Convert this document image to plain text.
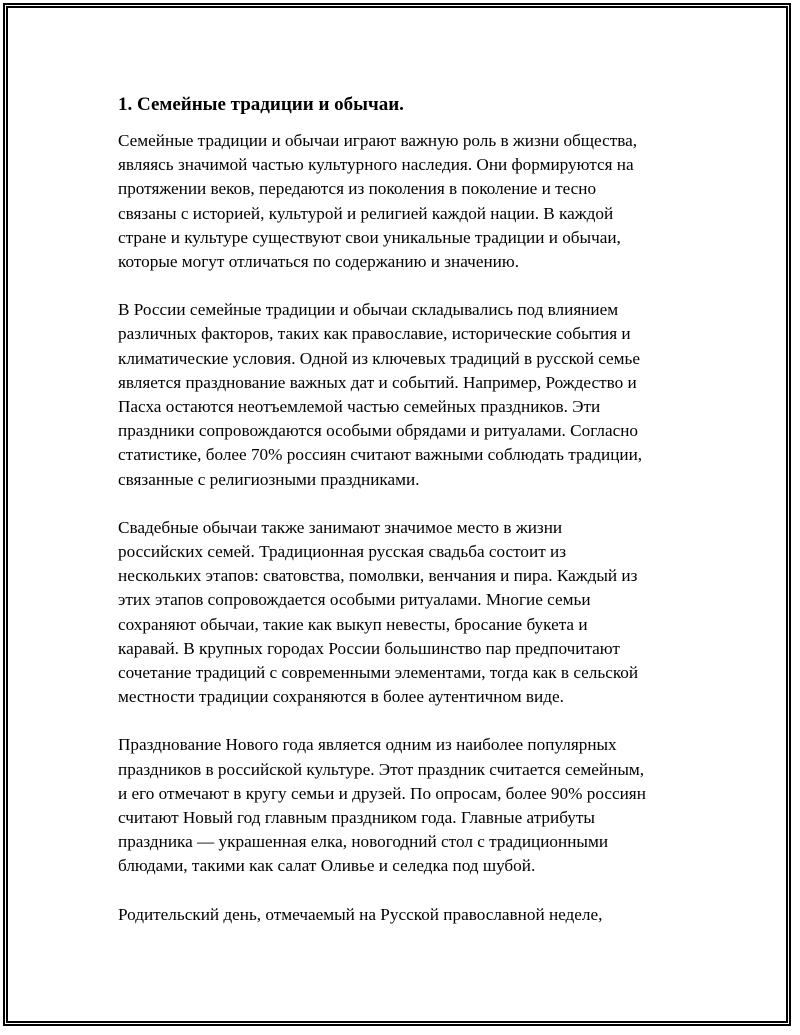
1. Семейные традиции и обычаи.
Семейные традиции и обычаи играют важную роль в жизни общества,
являясь значимой частью культурного наследия. Они формируются на
протяжении веков, передаются из поколения в поколение и тесно
связаны с историей, культурой и религией каждой нации. В каждой
стране и культуре существуют свои уникальные традиции и обычаи,
которые могут отличаться по содержанию и значению.
В России семейные традиции и обычаи складывались под влиянием
различных факторов, таких как православие, исторические события и
климатические условия. Одной из ключевых традиций в русской семье
является празднование важных дат и событий. Например, Рождество и
Пасха остаются неотъемлемой частью семейных праздников. Эти
праздники сопровождаются особыми обрядами и ритуалами. Согласно
статистике, более 70% россиян считают важными соблюдать традиции,
связанные с религиозными праздниками.
Свадебные обычаи также занимают значимое место в жизни
российских семей. Традиционная русская свадьба состоит из
нескольких этапов: сватовства, помолвки, венчания и пира. Каждый из
этих этапов сопровождается особыми ритуалами. Многие семьи
сохраняют обычаи, такие как выкуп невесты, бросание букета и
каравай. В крупных городах России большинство пар предпочитают
сочетание традиций с современными элементами, тогда как в сельской
местности традиции сохраняются в более аутентичном виде.
Празднование Нового года является одним из наиболее популярных
праздников в российской культуре. Этот праздник считается семейным,
и его отмечают в кругу семьи и друзей. По опросам, более 90% россиян
считают Новый год главным праздником года. Главные атрибуты
праздника — украшенная елка, новогодний стол с традиционными
блюдами, такими как салат Оливье и селедка под шубой.
Родительский день, отмечаемый на Русской православной неделе,
